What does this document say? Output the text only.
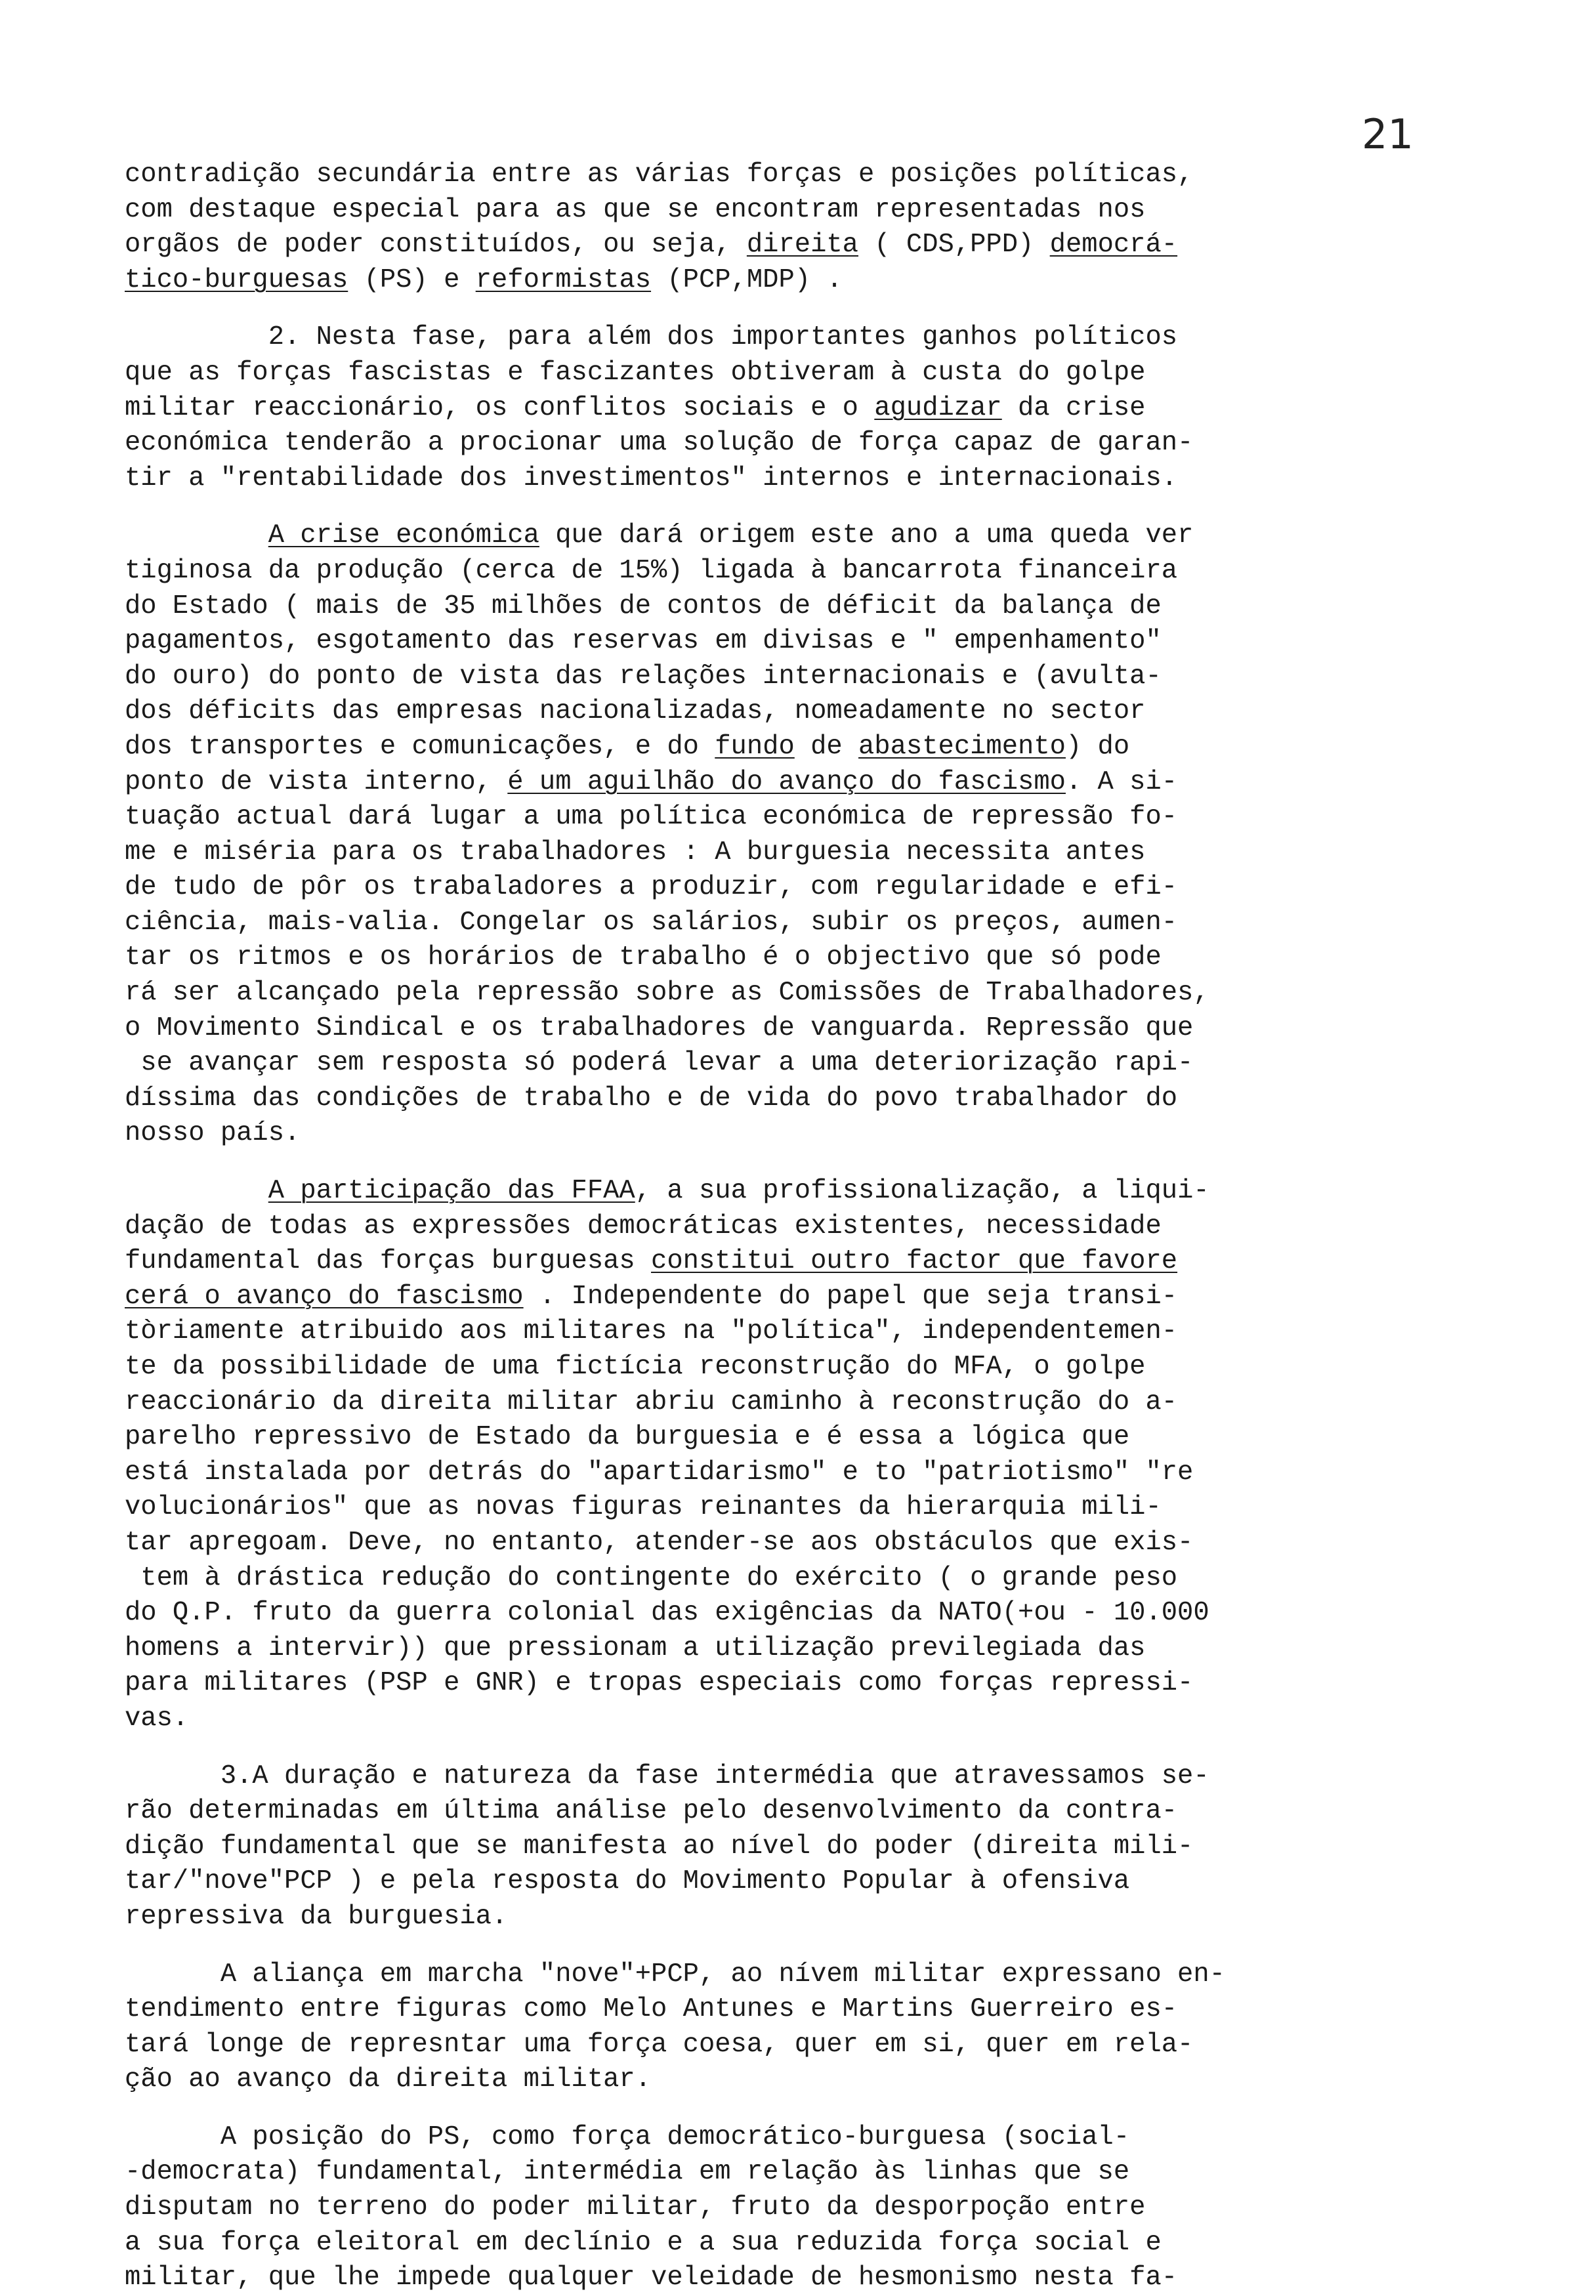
21
contradição secundária entre as várias forças e posições políticas,
com destaque especial para as que se encontram representadas nos
orgãos de poder constituídos, ou seja, direita ( CDS,PPD) democrá-
tico-burguesas (PS) e reformistas (PCP,MDP) .
2. Nesta fase, para além dos importantes ganhos políticos
que as forças fascistas e fascizantes obtiveram à custa do golpe
militar reaccionário, os conflitos sociais e o agudizar da crise
económica tenderão a procionar uma solução de força capaz de garan-
tir a "rentabilidade dos investimentos" internos e internacionais.
A crise económica que dará origem este ano a uma queda ver
tiginosa da produção (cerca de 15%) ligada à bancarrota financeira
do Estado ( mais de 35 milhões de contos de déficit da balança de
pagamentos, esgotamento das reservas em divisas e " empenhamento"
do ouro) do ponto de vista das relações internacionais e (avulta-
dos déficits das empresas nacionalizadas, nomeadamente no sector
dos transportes e comunicações, e do fundo de abastecimento) do
ponto de vista interno, é um aguilhão do avanço do fascismo. A si-
tuação actual dará lugar a uma política económica de repressão fo-
me e miséria para os trabalhadores : A burguesia necessita antes
de tudo de pôr os trabaladores a produzir, com regularidade e efi-
ciência, mais-valia. Congelar os salários, subir os preços, aumen-
tar os ritmos e os horários de trabalho é o objectivo que só pode
rá ser alcançado pela repressão sobre as Comissões de Trabalhadores,
o Movimento Sindical e os trabalhadores de vanguarda. Repressão que
se avançar sem resposta só poderá levar a uma deteriorização rapi-
díssima das condições de trabalho e de vida do povo trabalhador do
nosso país.
A participação das FFAA, a sua profissionalização, a liqui-
dação de todas as expressões democráticas existentes, necessidade
fundamental das forças burguesas constitui outro factor que favore
cerá o avanço do fascismo . Independente do papel que seja transi-
tòriamente atribuido aos militares na "política", independentemen-
te da possibilidade de uma fictícia reconstrução do MFA, o golpe
reaccionário da direita militar abriu caminho à reconstrução do a-
parelho repressivo de Estado da burguesia e é essa a lógica que
está instalada por detrás do "apartidarismo" e to "patriotismo" "re
volucionários" que as novas figuras reinantes da hierarquia mili-
tar apregoam. Deve, no entanto, atender-se aos obstáculos que exis-
tem à drástica redução do contingente do exército ( o grande peso
do Q.P. fruto da guerra colonial das exigências da NATO(+ou - 10.000
homens a intervir)) que pressionam a utilização previlegiada das
para militares (PSP e GNR) e tropas especiais como forças repressi-
vas.
3.A duração e natureza da fase intermédia que atravessamos se-
rão determinadas em última análise pelo desenvolvimento da contra-
dição fundamental que se manifesta ao nível do poder (direita mili-
tar/"nove"PCP ) e pela resposta do Movimento Popular à ofensiva
repressiva da burguesia.
A aliança em marcha "nove"+PCP, ao nívem militar expressano en-
tendimento entre figuras como Melo Antunes e Martins Guerreiro es-
tará longe de represntar uma força coesa, quer em si, quer em rela-
ção ao avanço da direita militar.
A posição do PS, como força democrático-burguesa (social-
-democrata) fundamental, intermédia em relação às linhas que se
disputam no terreno do poder militar, fruto da desporpoção entre
a sua força eleitoral em declínio e a sua reduzida força social e
militar, que lhe impede qualquer veleidade de hesmonismo nesta fa-
